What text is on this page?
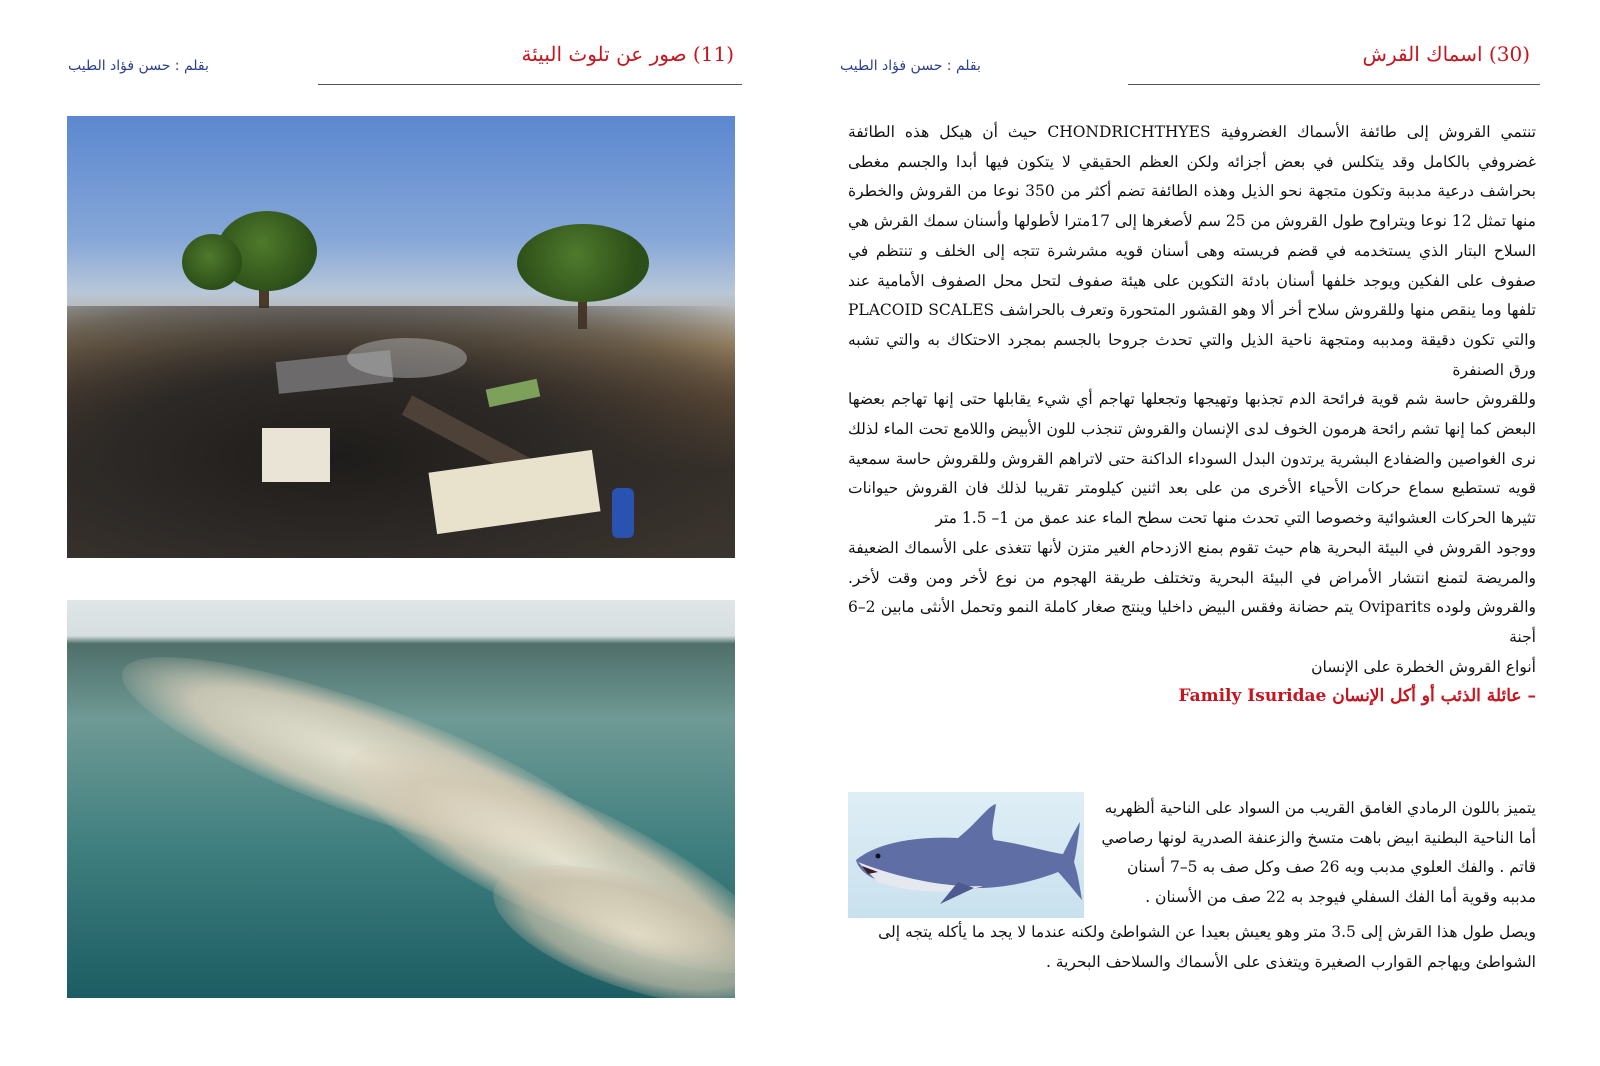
(11) صور عن تلوث البيئة
بقلم : حسن فؤاد الطيب	(30) اسماك القرش
بقلم : حسن فؤاد الطيب

تنتمي القروش إلى طائفة الأسماك الغضروفية CHONDRICHTHYES حيث أن هيكل هذه الطائفة غضروفي بالكامل وقد يتكلس في بعض أجزائه ولكن العظم الحقيقي لا يتكون فيها أبدا والجسم مغطى بحراشف درعية مدببة وتكون متجهة نحو الذيل وهذه الطائفة تضم أكثر من 350 نوعا من القروش والخطرة منها تمثل 12 نوعا ويتراوح طول القروش من 25 سم لأصغرها إلى 17مترا لأطولها وأسنان سمك القرش هي السلاح البتار الذي يستخدمه في قضم فريسته وهى أسنان قويه مشرشرة تتجه إلى الخلف و تنتظم في صفوف على الفكين ويوجد خلفها أسنان بادئة التكوين على هيئة صفوف لتحل محل الصفوف الأمامية عند تلفها وما ينقص منها وللقروش سلاح أخر ألا وهو القشور المتحورة وتعرف بالحراشف PLACOID SCALES والتي تكون دقيقة ومدببه ومتجهة ناحية الذيل والتي تحدث جروحا بالجسم بمجرد الاحتكاك به والتي تشبه ورق الصنفرة

وللقروش حاسة شم قوية فرائحة الدم تجذبها وتهيجها وتجعلها تهاجم أي شيء يقابلها حتى إنها تهاجم بعضها البعض كما إنها تشم رائحة هرمون الخوف لدى الإنسان والقروش تنجذب للون الأبيض واللامع تحت الماء لذلك نرى الغواصين والضفادع البشرية يرتدون البدل السوداء الداكنة حتى لاتراهم القروش وللقروش حاسة سمعية قويه تستطيع سماع حركات الأحياء الأخرى من على بعد اثنين كيلومتر تقريبا لذلك فان القروش حيوانات تثيرها الحركات العشوائية وخصوصا التي تحدث منها تحت سطح الماء عند عمق من 1– 1.5 متر

ووجود القروش في البيئة البحرية هام حيث تقوم بمنع الازدحام الغير متزن لأنها تتغذى على الأسماك الضعيفة والمريضة لتمنع انتشار الأمراض في البيئة البحرية وتختلف طريقة الهجوم من نوع لأخر ومن وقت لأخر. والقروش ولوده Oviparits يتم حضانة وفقس البيض داخليا وينتج صغار كاملة النمو وتحمل الأنثى مابين 2–6 أجنة

أنواع القروش الخطرة على الإنسان

– عائلة الذئب أو أكل الإنسان Family Isuridae

يتميز باللون الرمادي الغامق القريب من السواد على الناحية ألظهريه

أما الناحية البطنية ابيض باهت متسخ والزعنفة الصدرية لونها رصاصي

قاتم . والفك العلوي مدبب وبه 26 صف وكل صف به 5–7 أسنان

مدببه وقوية أما الفك السفلي فيوجد به 22 صف من الأسنان .

ويصل طول هذا القرش إلى 3.5 متر وهو يعيش بعيدا عن الشواطئ ولكنه عندما لا يجد ما يأكله يتجه إلى الشواطئ ويهاجم القوارب الصغيرة ويتغذى على الأسماك والسلاحف البحرية .
